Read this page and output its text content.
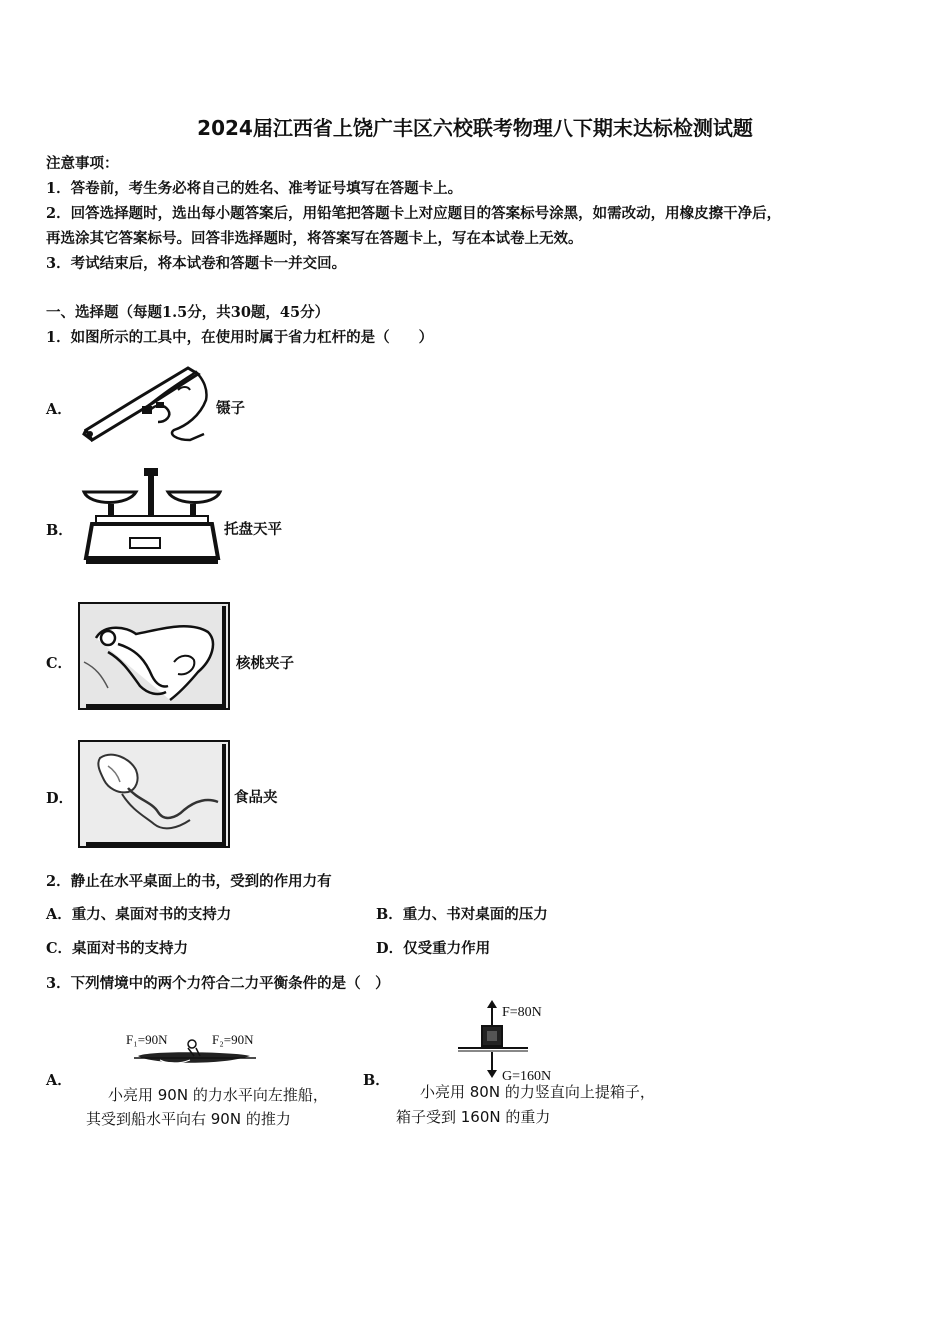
2024届江西省上饶广丰区六校联考物理八下期末达标检测试题
注意事项：
1．答卷前，考生务必将自己的姓名、准考证号填写在答题卡上。
2．回答选择题时，选出每小题答案后，用铅笔把答题卡上对应题目的答案标号涂黑，如需改动，用橡皮擦干净后，
再选涂其它答案标号。回答非选择题时，将答案写在答题卡上，写在本试卷上无效。
3．考试结束后，将本试卷和答题卡一并交回。
一、选择题（每题1.5分，共30题，45分）
1．如图所示的工具中，在使用时属于省力杠杆的是（　　）
A．	镊子
B．	托盘天平
C．	核桃夹子
D．	食品夹
2．静止在水平桌面上的书，受到的作用力有
A．重力、桌面对书的支持力	B．重力、书对桌面的压力
C．桌面对书的支持力	D．仅受重力作用
3．下列情境中的两个力符合二力平衡条件的是（　）
A．
F₁=90N	F₂=90N
小亮用 90N 的力水平向左推船，
其受到船水平向右 90N 的推力
B．
F=80N
G=160N
小亮用 80N 的力竖直向上提箱子，
箱子受到 160N 的重力
